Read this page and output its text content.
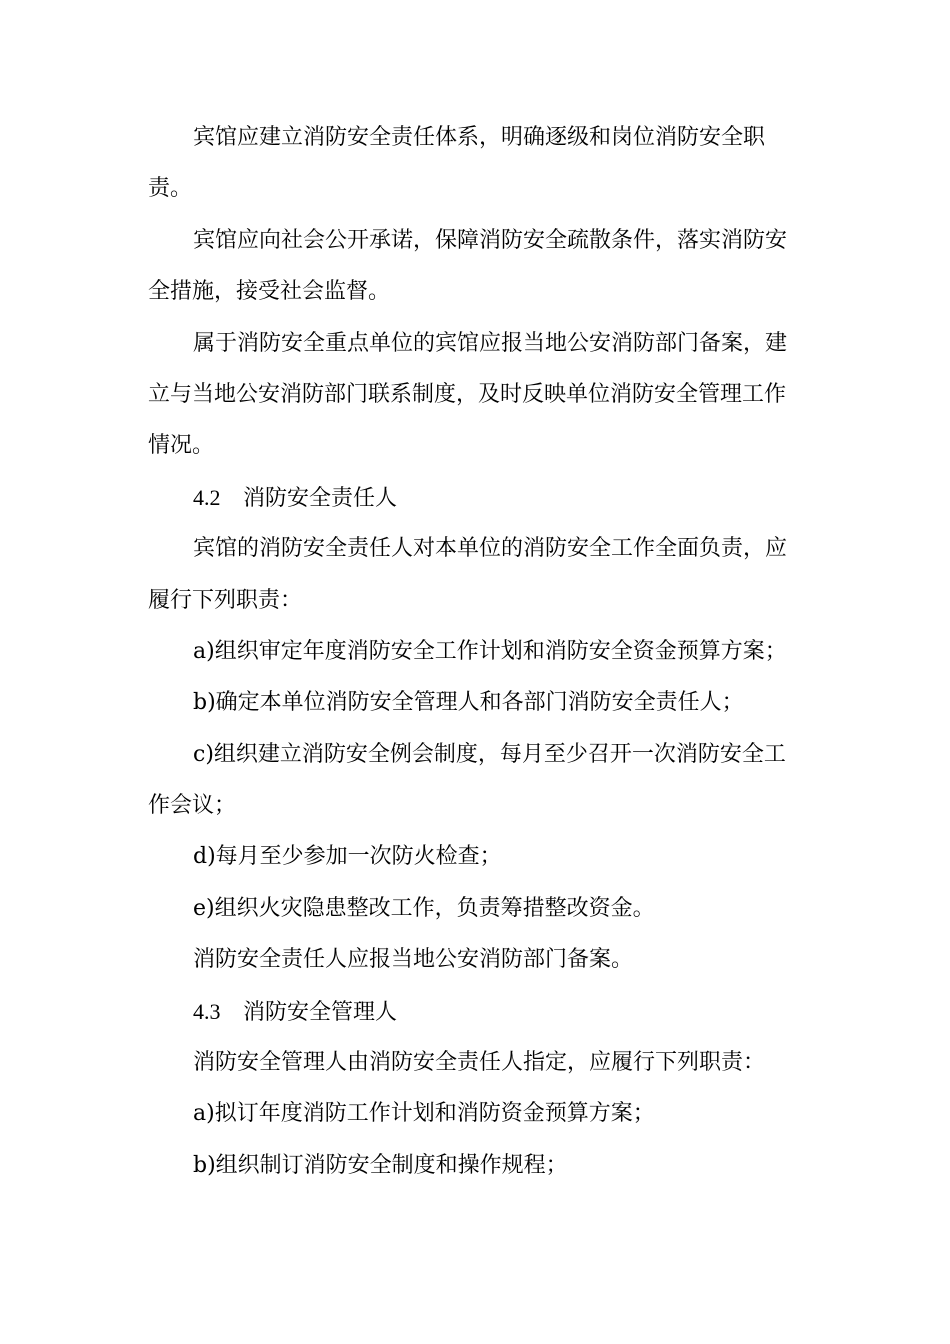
宾馆应建立消防安全责任体系，明确逐级和岗位消防安全职
责。
宾馆应向社会公开承诺，保障消防安全疏散条件，落实消防安
全措施，接受社会监督。
属于消防安全重点单位的宾馆应报当地公安消防部门备案，建
立与当地公安消防部门联系制度，及时反映单位消防安全管理工作
情况。
4.2 消防安全责任人
宾馆的消防安全责任人对本单位的消防安全工作全面负责，应
履行下列职责：
a)组织审定年度消防安全工作计划和消防安全资金预算方案；
b)确定本单位消防安全管理人和各部门消防安全责任人；
c)组织建立消防安全例会制度，每月至少召开一次消防安全工
作会议；
d)每月至少参加一次防火检查；
e)组织火灾隐患整改工作，负责筹措整改资金。
消防安全责任人应报当地公安消防部门备案。
4.3 消防安全管理人
消防安全管理人由消防安全责任人指定，应履行下列职责：
a)拟订年度消防工作计划和消防资金预算方案；
b)组织制订消防安全制度和操作规程；
